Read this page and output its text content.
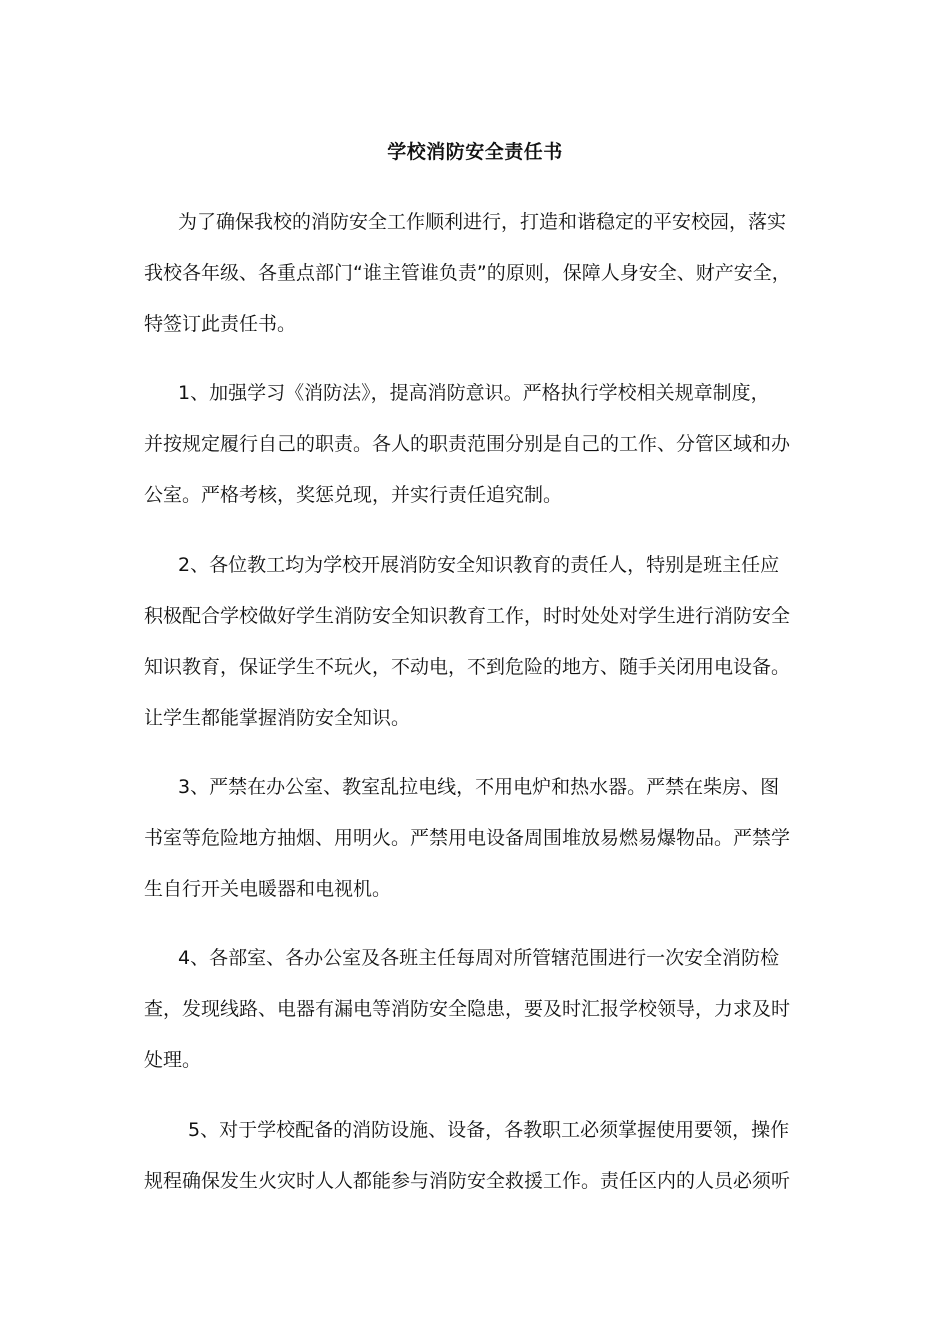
学校消防安全责任书
为了确保我校的消防安全工作顺利进行，打造和谐稳定的平安校园，落实
我校各年级、各重点部门“谁主管谁负责”的原则，保障人身安全、财产安全，
特签订此责任书。
1、加强学习《消防法》，提高消防意识。严格执行学校相关规章制度，
并按规定履行自己的职责。各人的职责范围分别是自己的工作、分管区域和办
公室。严格考核，奖惩兑现，并实行责任追究制。
2、各位教工均为学校开展消防安全知识教育的责任人，特别是班主任应
积极配合学校做好学生消防安全知识教育工作，时时处处对学生进行消防安全
知识教育，保证学生不玩火，不动电，不到危险的地方、随手关闭用电设备。
让学生都能掌握消防安全知识。
3、严禁在办公室、教室乱拉电线，不用电炉和热水器。严禁在柴房、图
书室等危险地方抽烟、用明火。严禁用电设备周围堆放易燃易爆物品。严禁学
生自行开关电暖器和电视机。
4、各部室、各办公室及各班主任每周对所管辖范围进行一次安全消防检
查，发现线路、电器有漏电等消防安全隐患，要及时汇报学校领导，力求及时
处理。
5、对于学校配备的消防设施、设备，各教职工必须掌握使用要领，操作
规程确保发生火灾时人人都能参与消防安全救援工作。责任区内的人员必须听
